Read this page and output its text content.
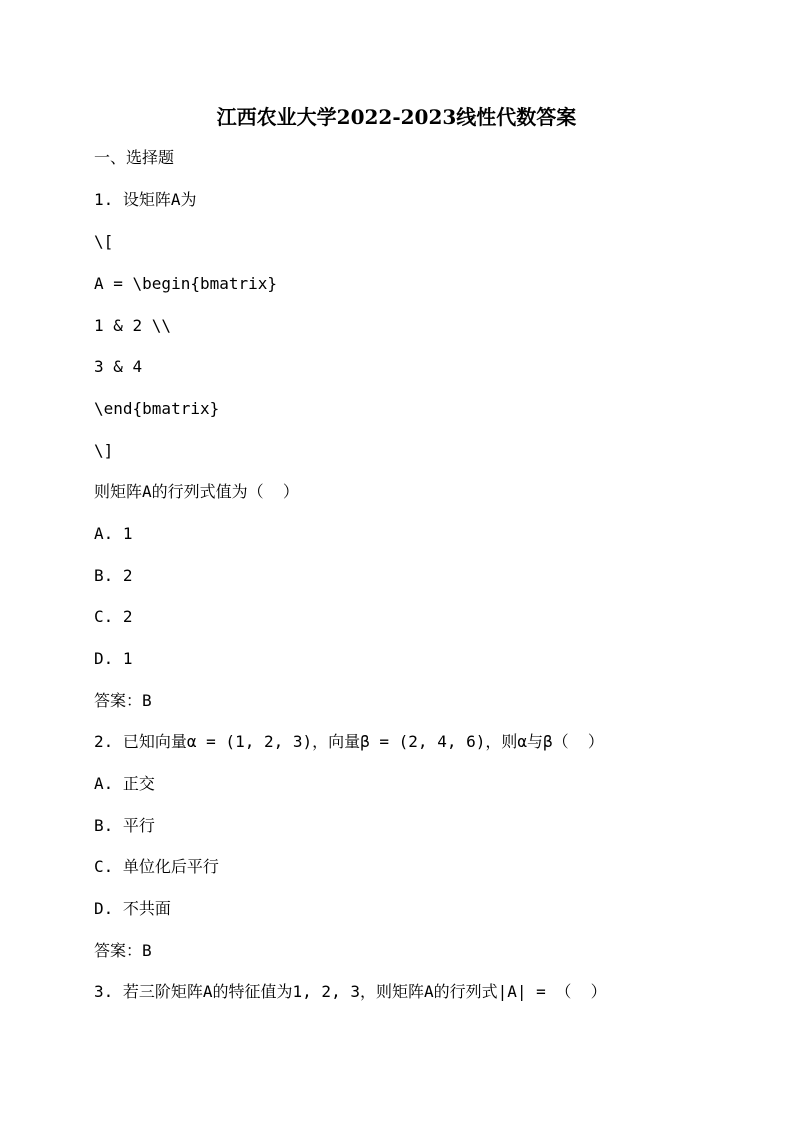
江西农业大学2022-2023线性代数答案
一、选择题
1. 设矩阵A为
\[
A = \begin{bmatrix}
1 & 2 \\
3 & 4
\end{bmatrix}
\]
则矩阵A的行列式值为（  ）
A. 1
B. 2
C. 2
D. 1
答案：B
2. 已知向量α = (1, 2, 3)，向量β = (2, 4, 6)，则α与β（  ）
A. 正交
B. 平行
C. 单位化后平行
D. 不共面
答案：B
3. 若三阶矩阵A的特征值为1, 2, 3，则矩阵A的行列式|A| = （  ）
